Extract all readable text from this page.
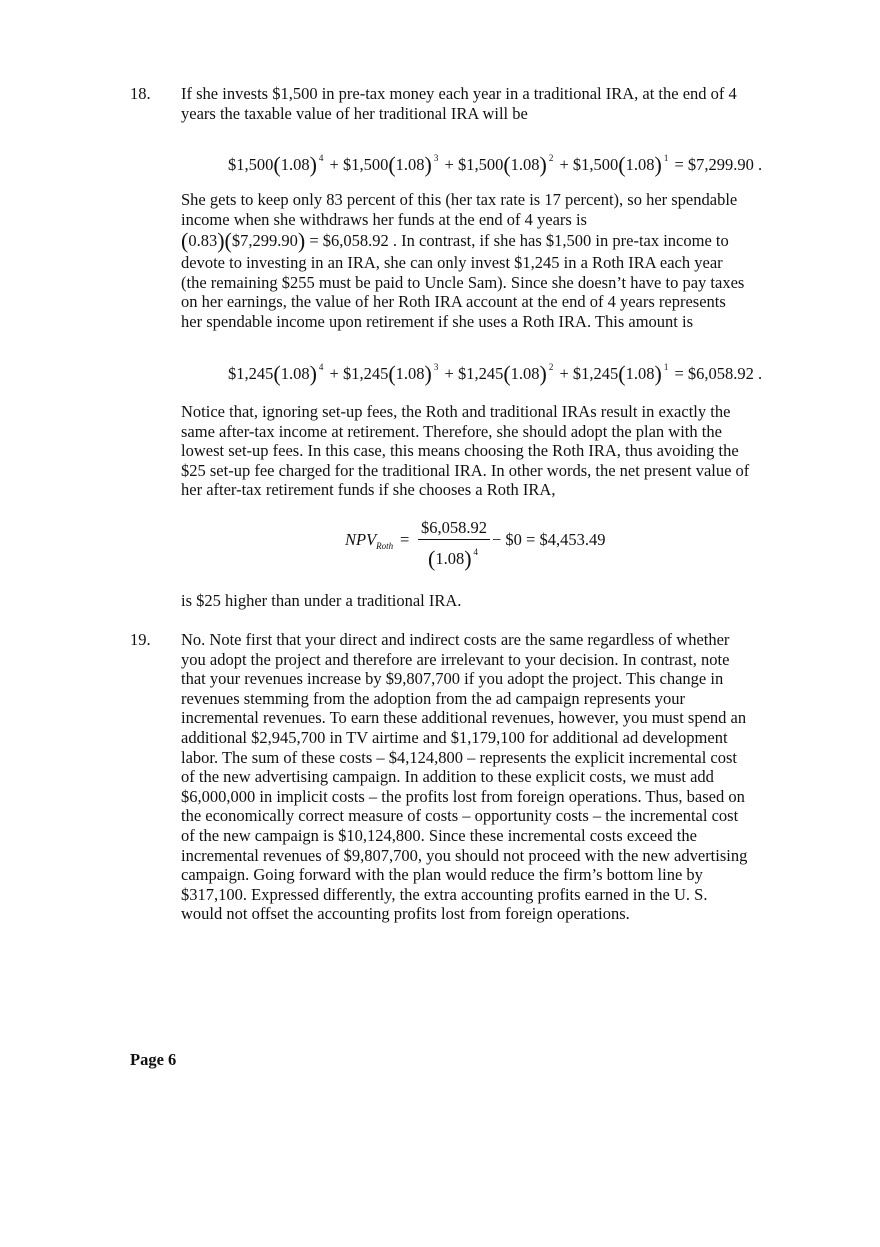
18. If she invests $1,500 in pre-tax money each year in a traditional IRA, at the end of 4
years the taxable value of her traditional IRA will be
$1,500(1.08) $^4$ + $1,500(1.08) $^3$ + $1,500(1.08) $^2$ + $1,500(1.08) $^1$ = $7,299.90 .
She gets to keep only 83 percent of this (her tax rate is 17 percent), so her spendable
income when she withdraws her funds at the end of 4 years is
(0.83)($7,299.90) = $6,058.92 . In contrast, if she has $1,500 in pre-tax income to
devote to investing in an IRA, she can only invest $1,245 in a Roth IRA each year
(the remaining $255 must be paid to Uncle Sam). Since she doesn’t have to pay taxes
on her earnings, the value of her Roth IRA account at the end of 4 years represents
her spendable income upon retirement if she uses a Roth IRA. This amount is
$1,245(1.08) $^4$ + $1,245(1.08) $^3$ + $1,245(1.08) $^2$ + $1,245(1.08) $^1$ = $6,058.92 .
Notice that, ignoring set-up fees, the Roth and traditional IRAs result in exactly the
same after-tax income at retirement. Therefore, she should adopt the plan with the
lowest set-up fees. In this case, this means choosing the Roth IRA, thus avoiding the
$25 set-up fee charged for the traditional IRA. In other words, the net present value of
her after-tax retirement funds if she chooses a Roth IRA,
$NPV_{Roth}$ =
$6,058.92
(1.08) $^4$
− $0 = $4,453.49
is $25 higher than under a traditional IRA.
19. No. Note first that your direct and indirect costs are the same regardless of whether
you adopt the project and therefore are irrelevant to your decision. In contrast, note
that your revenues increase by $9,807,700 if you adopt the project. This change in
revenues stemming from the adoption from the ad campaign represents your
incremental revenues. To earn these additional revenues, however, you must spend an
additional $2,945,700 in TV airtime and $1,179,100 for additional ad development
labor. The sum of these costs – $4,124,800 – represents the explicit incremental cost
of the new advertising campaign. In addition to these explicit costs, we must add
$6,000,000 in implicit costs – the profits lost from foreign operations. Thus, based on
the economically correct measure of costs – opportunity costs – the incremental cost
of the new campaign is $10,124,800. Since these incremental costs exceed the
incremental revenues of $9,807,700, you should not proceed with the new advertising
campaign. Going forward with the plan would reduce the firm’s bottom line by
$317,100. Expressed differently, the extra accounting profits earned in the U. S.
would not offset the accounting profits lost from foreign operations.
Page 6
